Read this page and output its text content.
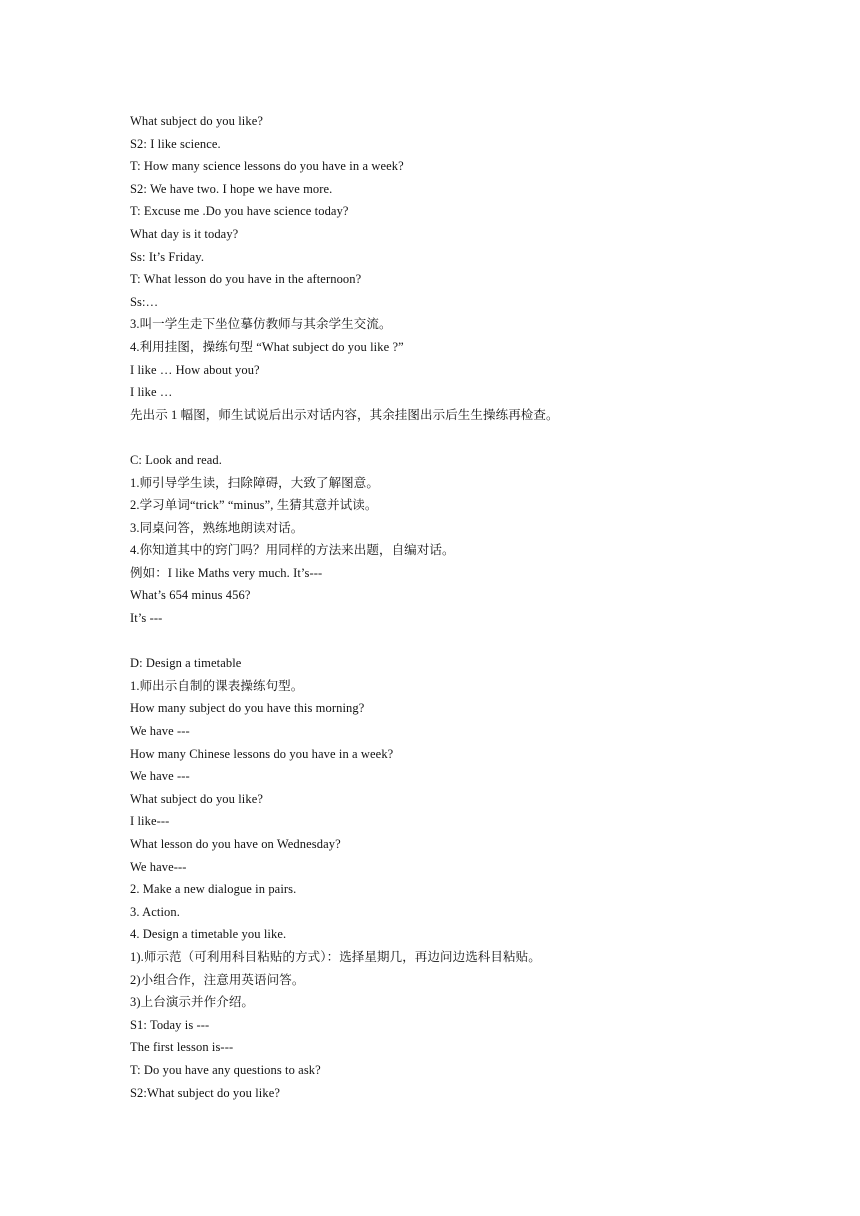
What subject do you like?
S2: I like science.
T: How many science lessons do you have in a week?
S2: We have two. I hope we have more.
T: Excuse me .Do you have science today?
What day is it today?
Ss: It’s Friday.
T: What lesson do you have in the afternoon?
Ss:…
3.叫一学生走下坐位摹仿教师与其余学生交流。
4.利用挂图，操练句型 “What subject do you like ?”
I like … How about you?
I like …
先出示 1 幅图，师生试说后出示对话内容，其余挂图出示后生生操练再检查。
C: Look and read.
1.师引导学生读，扫除障碍，大致了解图意。
2.学习单词“trick” “minus”, 生猜其意并试读。
3.同桌问答，熟练地朗读对话。
4.你知道其中的窍门吗？用同样的方法来出题，自编对话。
例如：I like Maths very much. It’s---
What’s 654 minus 456?
It’s ---
D: Design a timetable
1.师出示自制的课表操练句型。
How many subject do you have this morning?
We have ---
How many Chinese lessons do you have in a week?
We have ---
What subject do you like?
I like---
What lesson do you have on Wednesday?
We have---
2. Make a new dialogue in pairs.
3. Action.
4. Design a timetable you like.
1).师示范（可利用科目粘贴的方式）：选择星期几，再边问边选科目粘贴。
2)小组合作，注意用英语问答。
3)上台演示并作介绍。
S1: Today is ---
The first lesson is---
T: Do you have any questions to ask?
S2:What subject do you like?
